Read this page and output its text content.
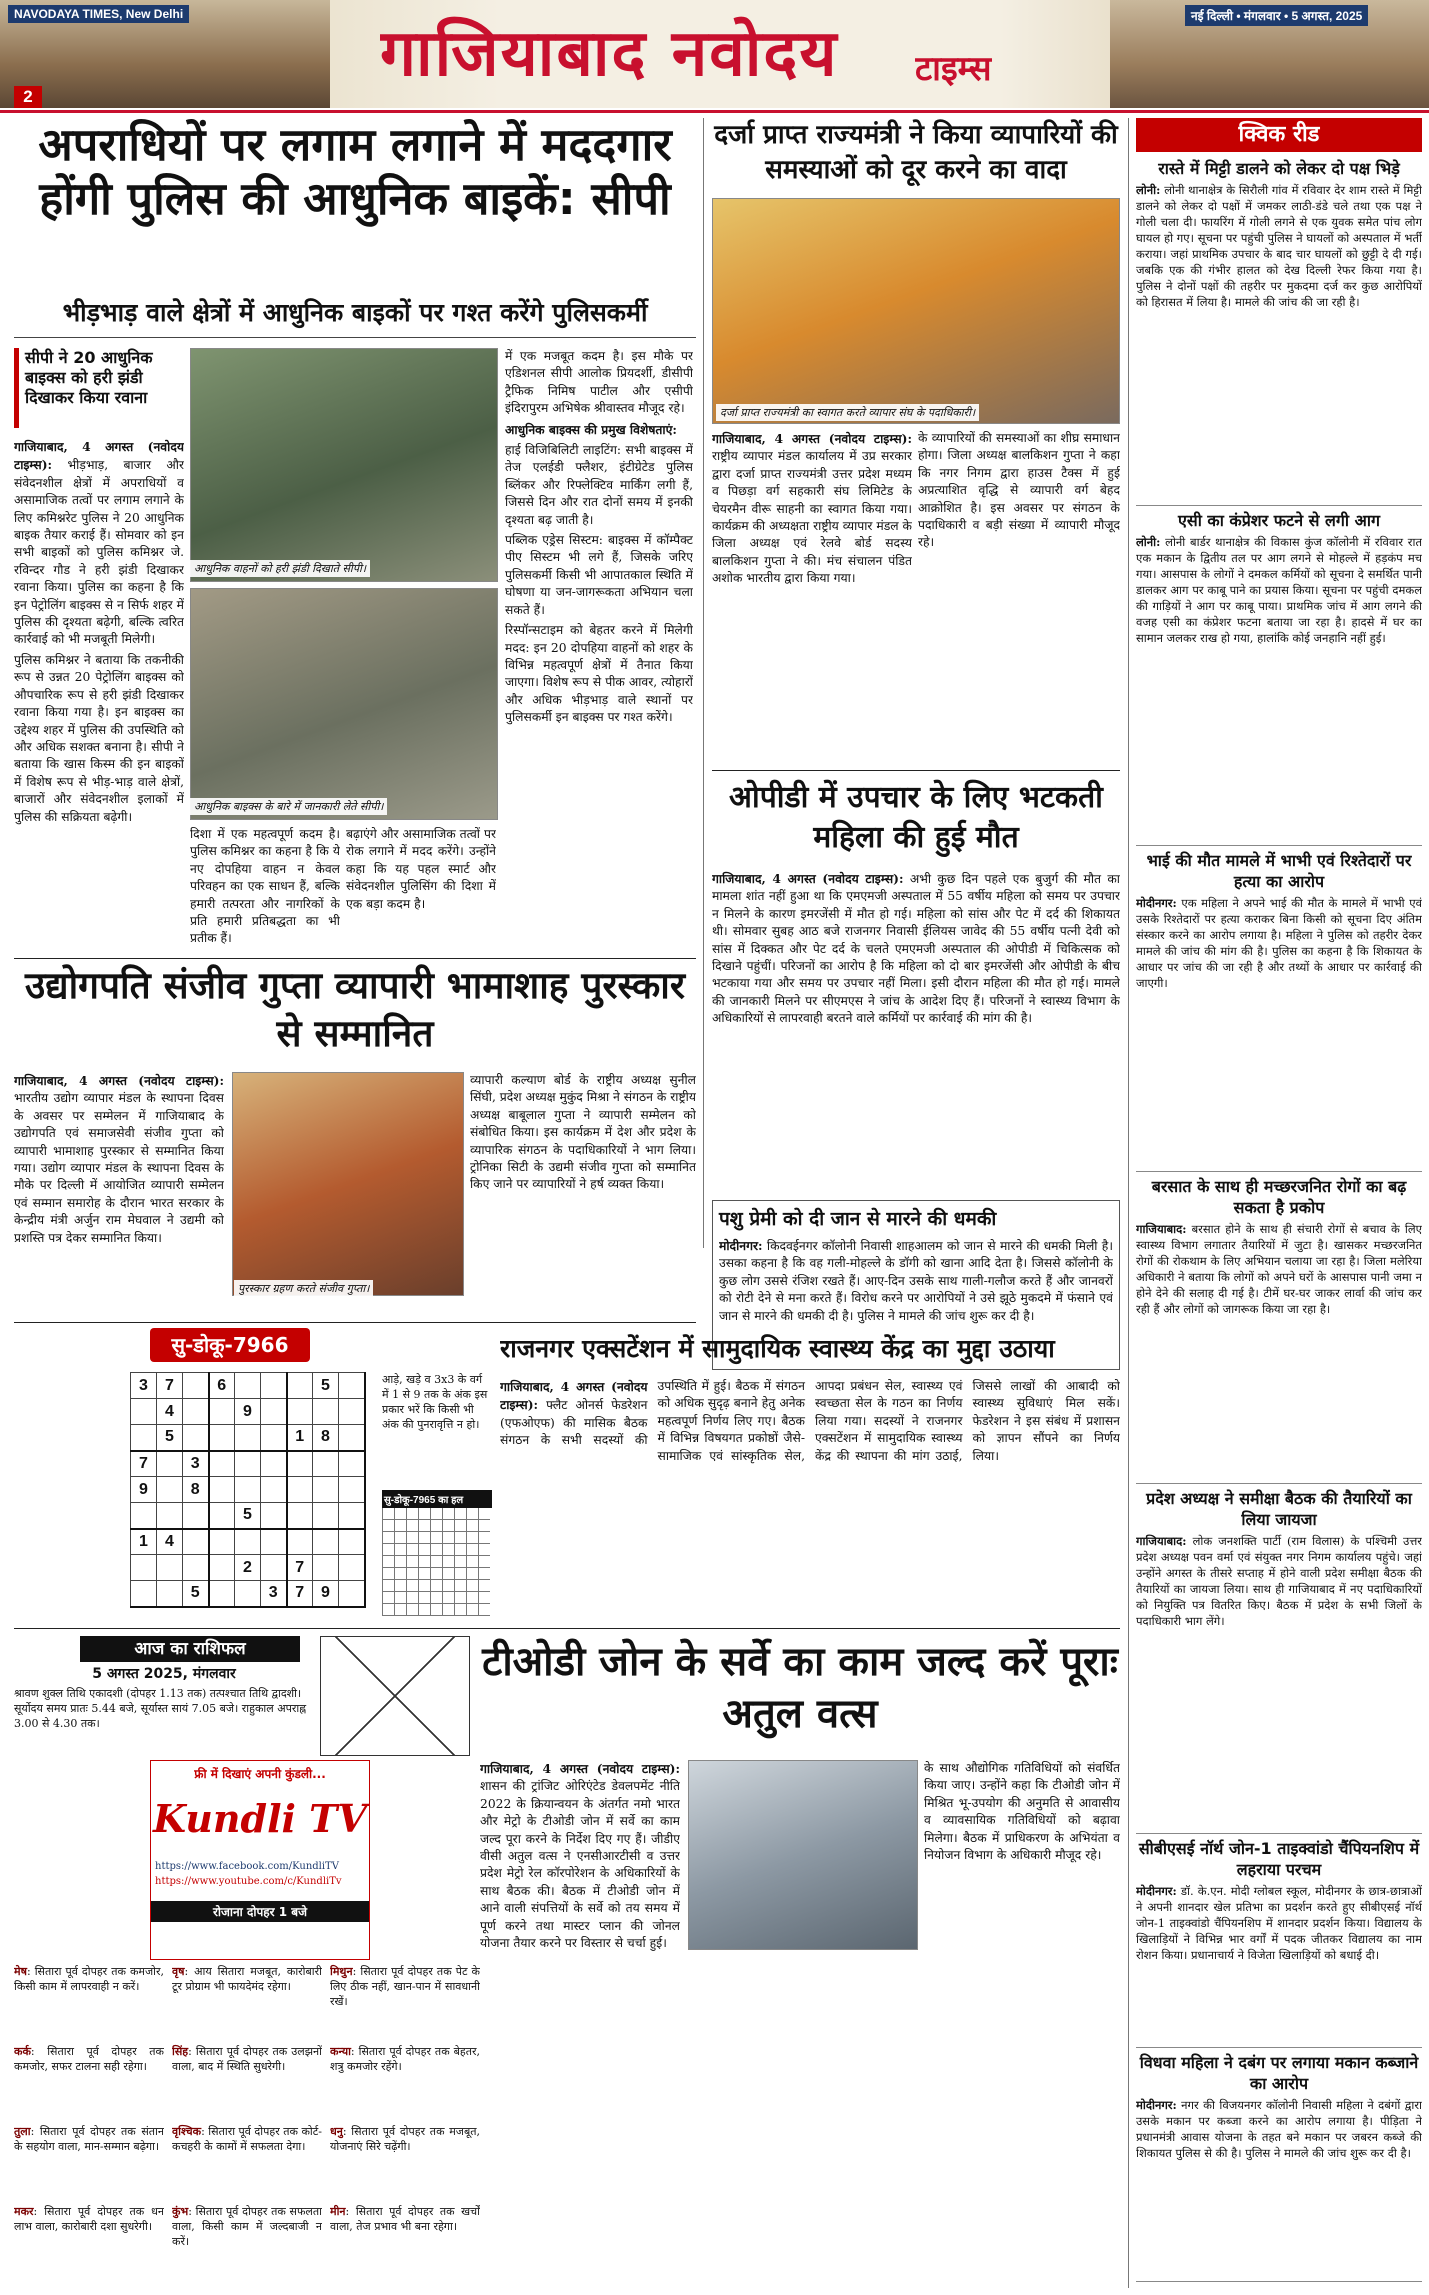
NAVODAYA TIMES, New Delhi
2
गाजियाबाद नवोदय टाइम्स
नई दिल्ली • मंगलवार • 5 अगस्त, 2025
अपराधियों पर लगाम लगाने में मददगार होंगी पुलिस की आधुनिक बाइकें: सीपी
भीड़भाड़ वाले क्षेत्रों में आधुनिक बाइकों पर गश्त करेंगे पुलिसकर्मी
सीपी ने 20 आधुनिक बाइक्स को हरी झंडी दिखाकर किया रवाना

गाजियाबाद, 4 अगस्त (नवोदय टाइम्स): भीड़भाड़, बाजार और संवेदनशील क्षेत्रों में अपराधियों व असामाजिक तत्वों पर लगाम लगाने के लिए कमिश्नरेट पुलिस ने 20 आधुनिक बाइक तैयार कराई हैं। सोमवार को इन सभी बाइकों को पुलिस कमिश्नर जे. रविन्दर गौड ने हरी झंडी दिखाकर रवाना किया। पुलिस का कहना है कि इन पेट्रोलिंग बाइक्स से न सिर्फ शहर में पुलिस की दृश्यता बढ़ेगी, बल्कि त्वरित कार्रवाई को भी मजबूती मिलेगी।

पुलिस कमिश्नर ने बताया कि तकनीकी रूप से उन्नत 20 पेट्रोलिंग बाइक्स को औपचारिक रूप से हरी झंडी दिखाकर रवाना किया गया है। इन बाइक्स का उद्देश्य शहर में पुलिस की उपस्थिति को और अधिक सशक्त बनाना है। सीपी ने बताया कि खास किस्म की इन बाइकों में विशेष रूप से भीड़-भाड़ वाले क्षेत्रों, बाजारों और संवेदनशील इलाकों में पुलिस की सक्रियता बढ़ेगी।

आधुनिक वाहनों को हरी झंडी दिखाते सीपी।
आधुनिक बाइक्स के बारे में जानकारी लेते सीपी।

में एक मजबूत कदम है। इस मौके पर एडिशनल सीपी आलोक प्रियदर्शी, डीसीपी ट्रैफिक निमिष पाटील और एसीपी इंदिरापुरम अभिषेक श्रीवास्तव मौजूद रहे।

आधुनिक बाइक्स की प्रमुख विशेषताएं:

हाई विजिबिलिटी लाइटिंग: सभी बाइक्स में तेज एलईडी फ्लैशर, इंटीग्रेटेड पुलिस ब्लिंकर और रिफ्लेक्टिव मार्किंग लगी हैं, जिससे दिन और रात दोनों समय में इनकी दृश्यता बढ़ जाती है।

पब्लिक एड्रेस सिस्टम: बाइक्स में कॉम्पैक्ट पीए सिस्टम भी लगे हैं, जिसके जरिए पुलिसकर्मी किसी भी आपातकाल स्थिति में घोषणा या जन-जागरूकता अभियान चला सकते हैं।

रिस्पॉन्सटाइम को बेहतर करने में मिलेगी मदद: इन 20 दोपहिया वाहनों को शहर के विभिन्न महत्वपूर्ण क्षेत्रों में तैनात किया जाएगा। विशेष रूप से पीक आवर, त्योहारों और अधिक भीड़भाड़ वाले स्थानों पर पुलिसकर्मी इन बाइक्स पर गश्त करेंगे।

दिशा में एक महत्वपूर्ण कदम है। पुलिस कमिश्नर का कहना है कि ये नए दोपहिया वाहन न केवल परिवहन का एक साधन हैं, बल्कि हमारी तत्परता और नागरिकों के प्रति हमारी प्रतिबद्धता का भी प्रतीक हैं।
बढ़ाएंगे और असामाजिक तत्वों पर रोक लगाने में मदद करेंगे। उन्होंने कहा कि यह पहल स्मार्ट और संवेदनशील पुलिसिंग की दिशा में एक बड़ा कदम है।
दर्जा प्राप्त राज्यमंत्री ने किया व्यापारियों की समस्याओं को दूर करने का वादा
दर्जा प्राप्त राज्यमंत्री का स्वागत करते व्यापार संघ के पदाधिकारी।

गाजियाबाद, 4 अगस्त (नवोदय टाइम्स): राष्ट्रीय व्यापार मंडल कार्यालय में उप्र सरकार द्वारा दर्जा प्राप्त राज्यमंत्री उत्तर प्रदेश मध्यम व पिछड़ा वर्ग सहकारी संघ लिमिटेड के चेयरमैन वीरू साहनी का स्वागत किया गया। कार्यक्रम की अध्यक्षता राष्ट्रीय व्यापार मंडल के जिला अध्यक्ष एवं रेलवे बोर्ड सदस्य बालकिशन गुप्ता ने की। मंच संचालन पंडित अशोक भारतीय द्वारा किया गया।

के व्यापारियों की समस्याओं का शीघ्र समाधान होगा। जिला अध्यक्ष बालकिशन गुप्ता ने कहा कि नगर निगम द्वारा हाउस टैक्स में हुई अप्रत्याशित वृद्धि से व्यापारी वर्ग बेहद आक्रोशित है। इस अवसर पर संगठन के पदाधिकारी व बड़ी संख्या में व्यापारी मौजूद रहे।
ओपीडी में उपचार के लिए भटकती महिला की हुई मौत

गाजियाबाद, 4 अगस्त (नवोदय टाइम्स): अभी कुछ दिन पहले एक बुजुर्ग की मौत का मामला शांत नहीं हुआ था कि एमएमजी अस्पताल में 55 वर्षीय महिला को समय पर उपचार न मिलने के कारण इमरजेंसी में मौत हो गई। महिला को सांस और पेट में दर्द की शिकायत थी। सोमवार सुबह आठ बजे राजनगर निवासी ईलियस जावेद की 55 वर्षीय पत्नी देवी को सांस में दिक्कत और पेट दर्द के चलते एमएमजी अस्पताल की ओपीडी में चिकित्सक को दिखाने पहुंचीं। परिजनों का आरोप है कि महिला को दो बार इमरजेंसी और ओपीडी के बीच भटकाया गया और समय पर उपचार नहीं मिला। इसी दौरान महिला की मौत हो गई। मामले की जानकारी मिलने पर सीएमएस ने जांच के आदेश दिए हैं। परिजनों ने स्वास्थ्य विभाग के अधिकारियों से लापरवाही बरतने वाले कर्मियों पर कार्रवाई की मांग की है।

पशु प्रेमी को दी जान से मारने की धमकी
मोदीनगर: किदवईनगर कॉलोनी निवासी शाहआलम को जान से मारने की धमकी मिली है। उसका कहना है कि वह गली-मोहल्ले के डॉगी को खाना आदि देता है। जिससे कॉलोनी के कुछ लोग उससे रंजिश रखते हैं। आए-दिन उसके साथ गाली-गलौज करते हैं और जानवरों को रोटी देने से मना करते हैं। विरोध करने पर आरोपियों ने उसे झूठे मुकदमे में फंसाने एवं जान से मारने की धमकी दी है। पुलिस ने मामले की जांच शुरू कर दी है।
उद्योगपति संजीव गुप्ता व्यापारी भामाशाह पुरस्कार से सम्मानित

गाजियाबाद, 4 अगस्त (नवोदय टाइम्स): भारतीय उद्योग व्यापार मंडल के स्थापना दिवस के अवसर पर सम्मेलन में गाजियाबाद के उद्योगपति एवं समाजसेवी संजीव गुप्ता को व्यापारी भामाशाह पुरस्कार से सम्मानित किया गया। उद्योग व्यापार मंडल के स्थापना दिवस के मौके पर दिल्ली में आयोजित व्यापारी सम्मेलन एवं सम्मान समारोह के दौरान भारत सरकार के केन्द्रीय मंत्री अर्जुन राम मेघवाल ने उद्यमी को प्रशस्ति पत्र देकर सम्मानित किया।

पुरस्कार ग्रहण करते संजीव गुप्ता।
व्यापारी कल्याण बोर्ड के राष्ट्रीय अध्यक्ष सुनील सिंघी, प्रदेश अध्यक्ष मुकुंद मिश्रा ने संगठन के राष्ट्रीय अध्यक्ष बाबूलाल गुप्ता ने व्यापारी सम्मेलन को संबोधित किया। इस कार्यक्रम में देश और प्रदेश के व्यापारिक संगठन के पदाधिकारियों ने भाग लिया। ट्रोनिका सिटी के उद्यमी संजीव गुप्ता को सम्मानित किए जाने पर व्यापारियों ने हर्ष व्यक्त किया।
सु-डोकू-7966
3	7		6				5	
	4			9				
	5					1	8	
7		3						
9		8						
				5				
1	4							
				2		7		
		5			3	7	9	
आड़े, खड़े व 3x3 के वर्ग में 1 से 9 तक के अंक इस प्रकार भरें कि किसी भी अंक की पुनरावृत्ति न हो।
सु-डोकू-7965 का हल
राजनगर एक्सटेंशन में सामुदायिक स्वास्थ्य केंद्र का मुद्दा उठाया
गाजियाबाद, 4 अगस्त (नवोदय टाइम्स): फ्लैट ओनर्स फेडरेशन (एफओएफ) की मासिक बैठक संगठन के सभी सदस्यों की उपस्थिति में हुई। बैठक में संगठन को अधिक सुदृढ़ बनाने हेतु अनेक महत्वपूर्ण निर्णय लिए गए। बैठक में विभिन्न विषयगत प्रकोष्ठों जैसे-सामाजिक एवं सांस्कृतिक सेल, आपदा प्रबंधन सेल, स्वास्थ्य एवं स्वच्छता सेल के गठन का निर्णय लिया गया। सदस्यों ने राजनगर एक्सटेंशन में सामुदायिक स्वास्थ्य केंद्र की स्थापना की मांग उठाई, जिससे लाखों की आबादी को स्वास्थ्य सुविधाएं मिल सकें। फेडरेशन ने इस संबंध में प्रशासन को ज्ञापन सौंपने का निर्णय लिया।
आज का राशिफल
5 अगस्त 2025, मंगलवार
श्रावण शुक्ल तिथि एकादशी (दोपहर 1.13 तक) तत्पश्चात तिथि द्वादशी। सूर्योदय समय प्रातः 5.44 बजे, सूर्यास्त सायं 7.05 बजे। राहुकाल अपराह्न 3.00 से 4.30 तक।
फ्री में दिखाएं अपनी कुंडली...
Kundli TV
https://www.facebook.com/KundliTV
https://www.youtube.com/c/KundliTv
रोजाना दोपहर 1 बजे
मेष: सितारा पूर्व दोपहर तक कमजोर, किसी काम में लापरवाही न करें।
वृष: आय सितारा मजबूत, कारोबारी टूर प्रोग्राम भी फायदेमंद रहेगा।
मिथुन: सितारा पूर्व दोपहर तक पेट के लिए ठीक नहीं, खान-पान में सावधानी रखें।
कर्क: सितारा पूर्व दोपहर तक कमजोर, सफर टालना सही रहेगा।
सिंह: सितारा पूर्व दोपहर तक उलझनों वाला, बाद में स्थिति सुधरेगी।
कन्या: सितारा पूर्व दोपहर तक बेहतर, शत्रु कमजोर रहेंगे।
तुला: सितारा पूर्व दोपहर तक संतान के सहयोग वाला, मान-सम्मान बढ़ेगा।
वृश्चिक: सितारा पूर्व दोपहर तक कोर्ट-कचहरी के कामों में सफलता देगा।
धनु: सितारा पूर्व दोपहर तक मजबूत, योजनाएं सिरे चढ़ेंगी।
मकर: सितारा पूर्व दोपहर तक धन लाभ वाला, कारोबारी दशा सुधरेगी।
कुंभ: सितारा पूर्व दोपहर तक सफलता वाला, किसी काम में जल्दबाजी न करें।
मीन: सितारा पूर्व दोपहर तक खर्चों वाला, तेज प्रभाव भी बना रहेगा।
टीओडी जोन के सर्वे का काम जल्द करें पूराः अतुल वत्स

गाजियाबाद, 4 अगस्त (नवोदय टाइम्स): शासन की ट्रांजिट ओरिएंटेड डेवलपमेंट नीति 2022 के क्रियान्वयन के अंतर्गत नमो भारत और मेट्रो के टीओडी जोन में सर्वे का काम जल्द पूरा करने के निर्देश दिए गए हैं। जीडीए वीसी अतुल वत्स ने एनसीआरटीसी व उत्तर प्रदेश मेट्रो रेल कॉरपोरेशन के अधिकारियों के साथ बैठक की। बैठक में टीओडी जोन में आने वाली संपत्तियों के सर्वे को तय समय में पूर्ण करने तथा मास्टर प्लान की जोनल योजना तैयार करने पर विस्तार से चर्चा हुई।

के साथ औद्योगिक गतिविधियों को संवर्धित किया जाए। उन्होंने कहा कि टीओडी जोन में मिश्रित भू-उपयोग की अनुमति से आवासीय व व्यावसायिक गतिविधियों को बढ़ावा मिलेगा। बैठक में प्राधिकरण के अभियंता व नियोजन विभाग के अधिकारी मौजूद रहे।
क्विक रीड
रास्ते में मिट्टी डालने को लेकर दो पक्ष भिड़े
लोनी: लोनी थानाक्षेत्र के सिरौली गांव में रविवार देर शाम रास्ते में मिट्टी डालने को लेकर दो पक्षों में जमकर लाठी-डंडे चले तथा एक पक्ष ने गोली चला दी। फायरिंग में गोली लगने से एक युवक समेत पांच लोग घायल हो गए। सूचना पर पहुंची पुलिस ने घायलों को अस्पताल में भर्ती कराया। जहां प्राथमिक उपचार के बाद चार घायलों को छुट्टी दे दी गई। जबकि एक की गंभीर हालत को देख दिल्ली रेफर किया गया है। पुलिस ने दोनों पक्षों की तहरीर पर मुकदमा दर्ज कर कुछ आरोपियों को हिरासत में लिया है। मामले की जांच की जा रही है।
एसी का कंप्रेशर फटने से लगी आग
लोनी: लोनी बार्डर थानाक्षेत्र की विकास कुंज कॉलोनी में रविवार रात एक मकान के द्वितीय तल पर आग लगने से मोहल्ले में हड़कंप मच गया। आसपास के लोगों ने दमकल कर्मियों को सूचना दे समर्थित पानी डालकर आग पर काबू पाने का प्रयास किया। सूचना पर पहुंची दमकल की गाड़ियों ने आग पर काबू पाया। प्राथमिक जांच में आग लगने की वजह एसी का कंप्रेशर फटना बताया जा रहा है। हादसे में घर का सामान जलकर राख हो गया, हालांकि कोई जनहानि नहीं हुई।
भाई की मौत मामले में भाभी एवं रिश्तेदारों पर हत्या का आरोप
मोदीनगर: एक महिला ने अपने भाई की मौत के मामले में भाभी एवं उसके रिश्तेदारों पर हत्या कराकर बिना किसी को सूचना दिए अंतिम संस्कार करने का आरोप लगाया है। महिला ने पुलिस को तहरीर देकर मामले की जांच की मांग की है। पुलिस का कहना है कि शिकायत के आधार पर जांच की जा रही है और तथ्यों के आधार पर कार्रवाई की जाएगी।
बरसात के साथ ही मच्छरजनित रोगों का बढ़ सकता है प्रकोप
गाजियाबाद: बरसात होने के साथ ही संचारी रोगों से बचाव के लिए स्वास्थ्य विभाग लगातार तैयारियों में जुटा है। खासकर मच्छरजनित रोगों की रोकथाम के लिए अभियान चलाया जा रहा है। जिला मलेरिया अधिकारी ने बताया कि लोगों को अपने घरों के आसपास पानी जमा न होने देने की सलाह दी गई है। टीमें घर-घर जाकर लार्वा की जांच कर रही हैं और लोगों को जागरूक किया जा रहा है।
प्रदेश अध्यक्ष ने समीक्षा बैठक की तैयारियों का लिया जायजा
गाजियाबाद: लोक जनशक्ति पार्टी (राम विलास) के पश्चिमी उत्तर प्रदेश अध्यक्ष पवन वर्मा एवं संयुक्त नगर निगम कार्यालय पहुंचे। जहां उन्होंने अगस्त के तीसरे सप्ताह में होने वाली प्रदेश समीक्षा बैठक की तैयारियों का जायजा लिया। साथ ही गाजियाबाद में नए पदाधिकारियों को नियुक्ति पत्र वितरित किए। बैठक में प्रदेश के सभी जिलों के पदाधिकारी भाग लेंगे।
सीबीएसई नॉर्थ जोन-1 ताइक्वांडो चैंपियनशिप में लहराया परचम
मोदीनगर: डॉ. के.एन. मोदी ग्लोबल स्कूल, मोदीनगर के छात्र-छात्राओं ने अपनी शानदार खेल प्रतिभा का प्रदर्शन करते हुए सीबीएसई नॉर्थ जोन-1 ताइक्वांडो चैंपियनशिप में शानदार प्रदर्शन किया। विद्यालय के खिलाड़ियों ने विभिन्न भार वर्गों में पदक जीतकर विद्यालय का नाम रोशन किया। प्रधानाचार्य ने विजेता खिलाड़ियों को बधाई दी।
विधवा महिला ने दबंग पर लगाया मकान कब्जाने का आरोप
मोदीनगर: नगर की विजयनगर कॉलोनी निवासी महिला ने दबंगों द्वारा उसके मकान पर कब्जा करने का आरोप लगाया है। पीड़िता ने प्रधानमंत्री आवास योजना के तहत बने मकान पर जबरन कब्जे की शिकायत पुलिस से की है। पुलिस ने मामले की जांच शुरू कर दी है।
